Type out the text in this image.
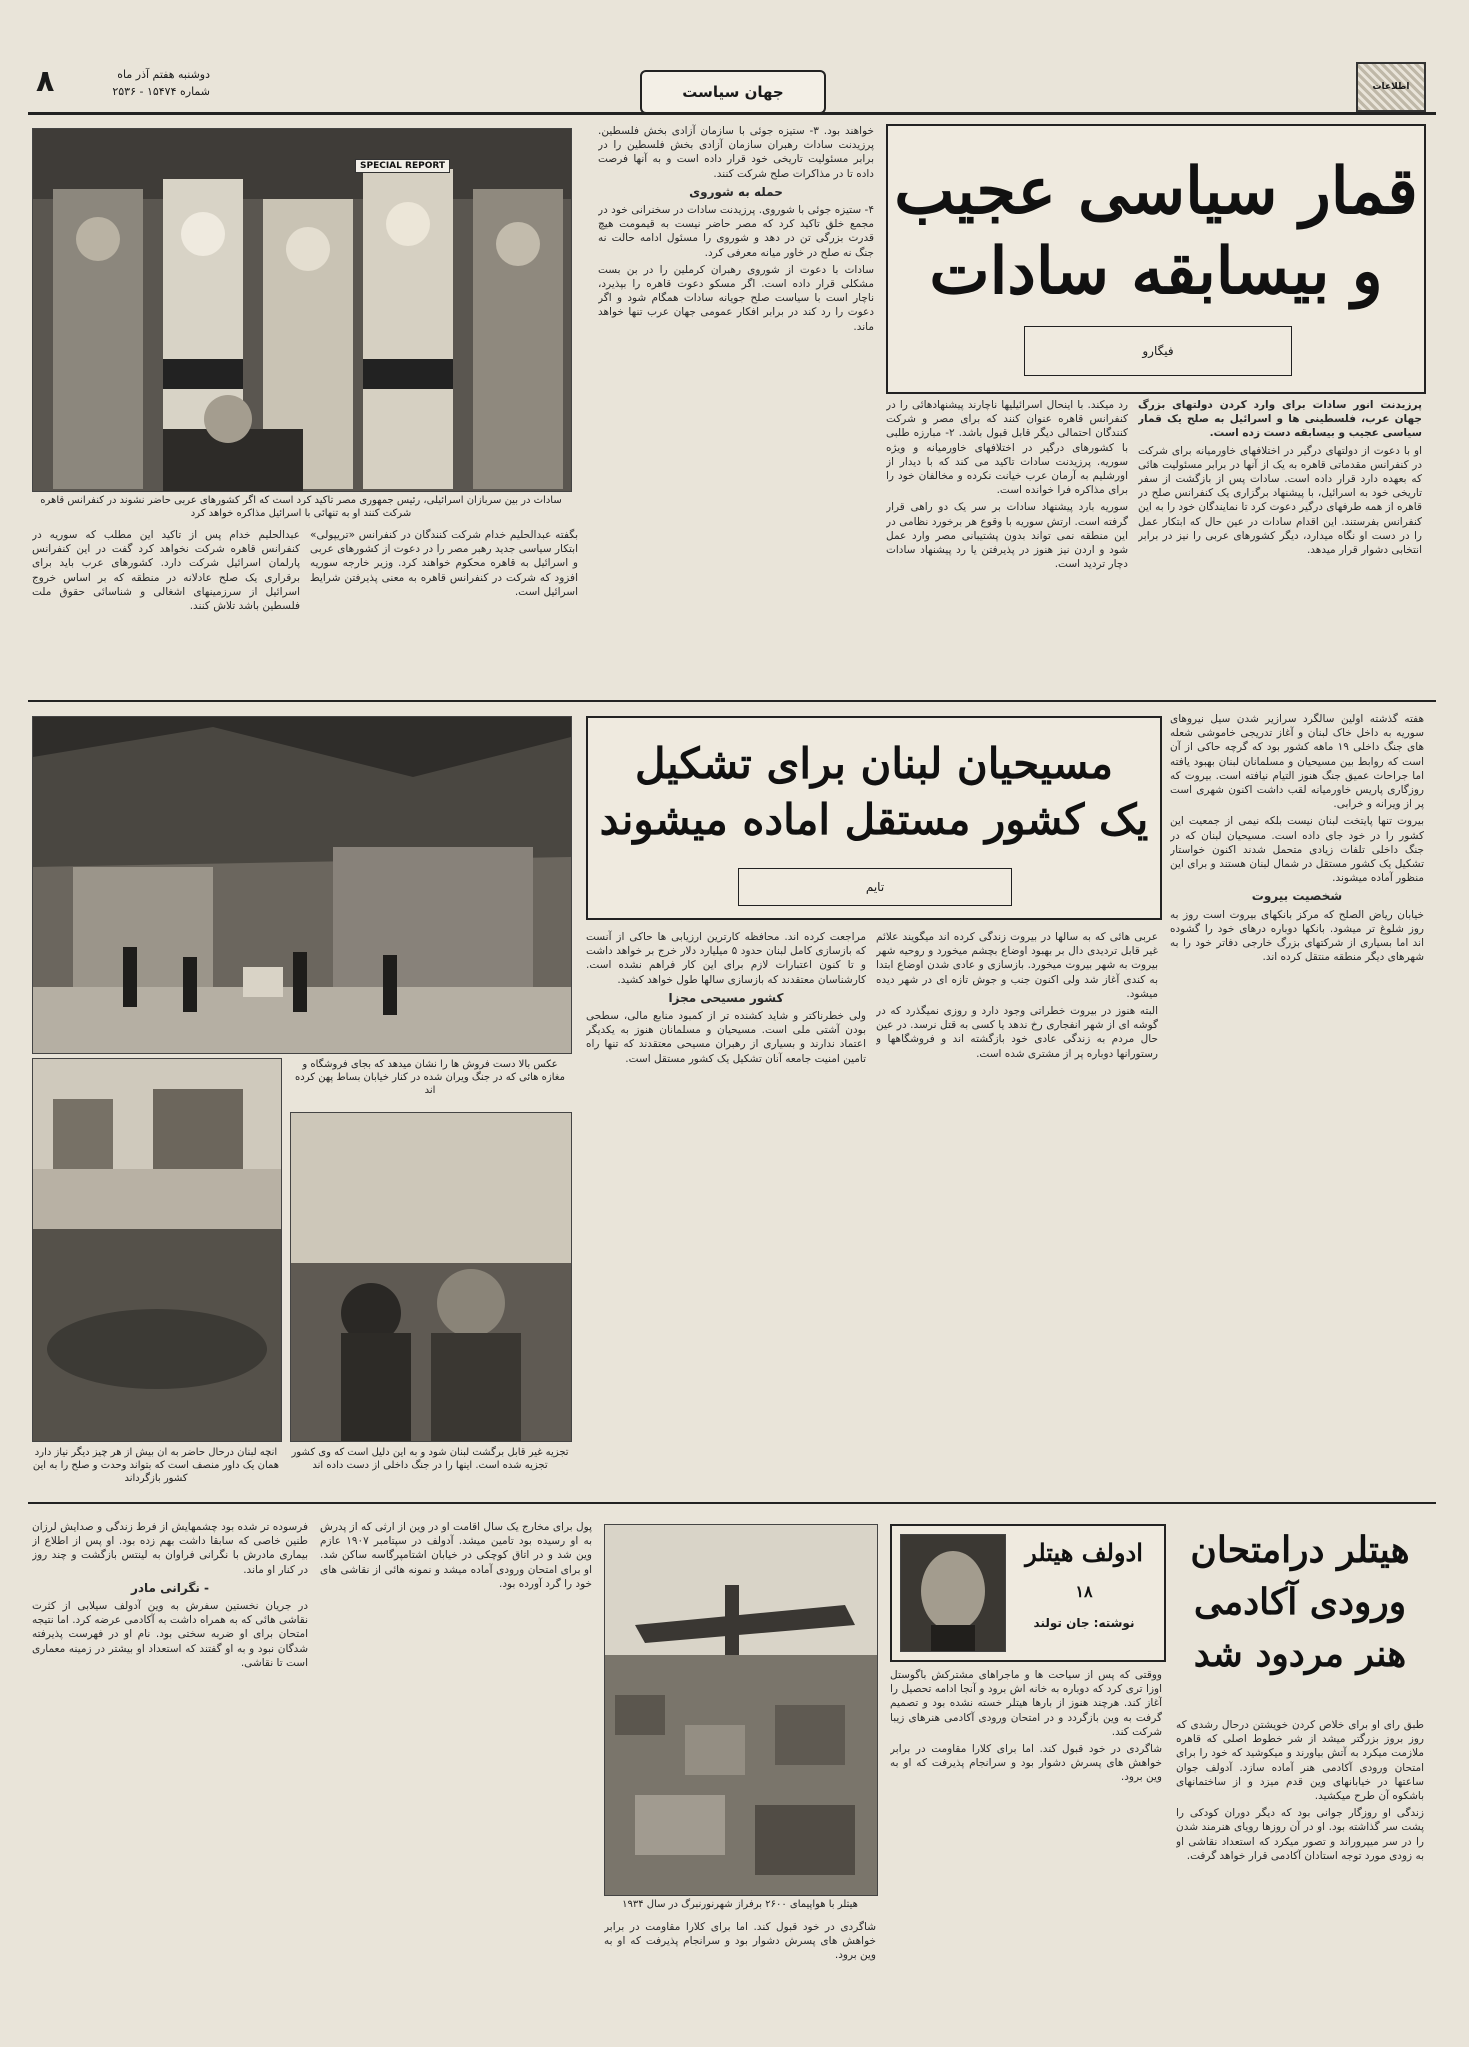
اطلاعات
جهان سیاست
دوشنبه هفتم آذر ماه
۲۵۳۶ - شماره ۱۵۴۷۴
۸
قمار سیاسی عجیب
و بیسابقه سادات
فیگارو

پرزیدنت انور سادات برای وارد کردن دولتهای بزرگ جهان عرب، فلسطینی ها و اسرائیل به صلح یک قمار سیاسی عجیب و بیسابقه دست زده است.

او با دعوت از دولتهای درگیر در اختلافهای خاورمیانه برای شرکت در کنفرانس مقدماتی قاهره به یک از آنها در برابر مسئولیت هائی که بعهده دارد قرار داده است. سادات پس از بازگشت از سفر تاریخی خود به اسرائیل، با پیشنهاد برگزاری یک کنفرانس صلح در قاهره از همه طرفهای درگیر دعوت کرد تا نمایندگان خود را به این کنفرانس بفرستند. این اقدام سادات در عین حال که ابتکار عمل را در دست او نگاه میدارد، دیگر کشورهای عربی را نیز در برابر انتخابی دشوار قرار میدهد.

رد میکند. با اینحال اسرائیلیها ناچارند پیشنهادهائی را در کنفرانس قاهره عنوان کنند که برای مصر و شرکت کنندگان احتمالی دیگر قابل قبول باشد. ۲- مبارزه طلبی با کشورهای درگیر در اختلافهای خاورمیانه و ویژه سوریه. پرزیدنت سادات تاکید می کند که با دیدار از اورشلیم به آرمان عرب خیانت نکرده و مخالفان خود را برای مذاکره فرا خوانده است.

سوریه بارد پیشنهاد سادات بر سر یک دو راهی قرار گرفته است. ارتش سوریه با وقوع هر برخورد نظامی در این منطقه نمی تواند بدون پشتیبانی مصر وارد عمل شود و اردن نیز هنوز در پذیرفتن یا رد پیشنهاد سادات دچار تردید است.

خواهند بود. ۳- ستیزه جوئی با سازمان آزادی بخش فلسطین. پرزیدنت سادات رهبران سازمان آزادی بخش فلسطین را در برابر مسئولیت تاریخی خود قرار داده است و به آنها فرصت داده تا در مذاکرات صلح شرکت کنند.

حمله به شوروی

۴- ستیزه جوئی با شوروی. پرزیدنت سادات در سخنرانی خود در مجمع خلق تاکید کرد که مصر حاضر نیست به قیمومت هیچ قدرت بزرگی تن در دهد و شوروی را مسئول ادامه حالت نه جنگ نه صلح در خاور میانه معرفی کرد.

سادات با دعوت از شوروی رهبران کرملین را در بن بست مشکلی قرار داده است. اگر مسکو دعوت قاهره را بپذیرد، ناچار است با سیاست صلح جویانه سادات همگام شود و اگر دعوت را رد کند در برابر افکار عمومی جهان عرب تنها خواهد ماند.

SPECIAL REPORT
سادات در بین سربازان اسرائیلی، رئیس جمهوری مصر تاکید کرد است که اگر کشورهای عربی حاضر نشوند در کنفرانس قاهره شرکت کنند او به تنهائی با اسرائیل مذاکره خواهد کرد

بگفته عبدالحلیم خدام شرکت کنندگان در کنفرانس «تریپولی» ابتکار سیاسی جدید رهبر مصر را در دعوت از کشورهای عربی و اسرائیل به قاهره محکوم خواهند کرد. وزیر خارجه سوریه افزود که شرکت در کنفرانس قاهره به معنی پذیرفتن شرایط اسرائیل است.

عبدالحلیم خدام پس از تاکید این مطلب که سوریه در کنفرانس قاهره شرکت نخواهد کرد گفت در این کنفرانس پارلمان اسرائیل شرکت دارد. کشورهای عرب باید برای برقراری یک صلح عادلانه در منطقه که بر اساس خروج اسرائیل از سرزمینهای اشغالی و شناسائی حقوق ملت فلسطین باشد تلاش کنند.

مسیحیان لبنان برای تشکیل
یک کشور مستقل اماده میشوند
تایم

هفته گذشته اولین سالگرد سرازیر شدن سیل نیروهای سوریه به داخل خاک لبنان و آغاز تدریجی خاموشی شعله های جنگ داخلی ۱۹ ماهه کشور بود که گرچه حاکی از آن است که روابط بین مسیحیان و مسلمانان لبنان بهبود یافته اما جراحات عمیق جنگ هنوز التیام نیافته است. بیروت که روزگاری پاریس خاورمیانه لقب داشت اکنون شهری است پر از ویرانه و خرابی.

بیروت تنها پایتخت لبنان نیست بلکه نیمی از جمعیت این کشور را در خود جای داده است. مسیحیان لبنان که در جنگ داخلی تلفات زیادی متحمل شدند اکنون خواستار تشکیل یک کشور مستقل در شمال لبنان هستند و برای این منظور آماده میشوند.

شخصیت بیروت

خیابان ریاض الصلح که مرکز بانکهای بیروت است روز به روز شلوغ تر میشود. بانکها دوباره درهای خود را گشوده اند اما بسیاری از شرکتهای بزرگ خارجی دفاتر خود را به شهرهای دیگر منطقه منتقل کرده اند.

عربی هائی که به سالها در بیروت زندگی کرده اند میگویند علائم غیر قابل تردیدی دال بر بهبود اوضاع بچشم میخورد و روحیه شهر بیروت به شهر بیروت میخورد. بازسازی و عادی شدن اوضاع ابتدا به کندی آغاز شد ولی اکنون جنب و جوش تازه ای در شهر دیده میشود.

البته هنوز در بیروت خطراتی وجود دارد و روزی نمیگذرد که در گوشه ای از شهر انفجاری رخ ندهد یا کسی به قتل نرسد. در عین حال مردم به زندگی عادی خود بازگشته اند و فروشگاهها و رستورانها دوباره پر از مشتری شده است.

مراجعت کرده اند. محافظه کارترین ارزیابی ها حاکی از آنست که بازسازی کامل لبنان حدود ۵ میلیارد دلار خرج بر خواهد داشت و تا کنون اعتبارات لازم برای این کار فراهم نشده است. کارشناسان معتقدند که بازسازی سالها طول خواهد کشید.

کشور مسیحی مجزا

ولی خطرناکتر و شاید کشنده تر از کمبود منابع مالی، سطحی بودن آشتی ملی است. مسیحیان و مسلمانان هنوز به یکدیگر اعتماد ندارند و بسیاری از رهبران مسیحی معتقدند که تنها راه تامین امنیت جامعه آنان تشکیل یک کشور مستقل است.

عکس بالا دست فروش ها را نشان میدهد که بجای فروشگاه و مغازه هائی که در جنگ ویران شده در کنار خیابان بساط پهن کرده اند
انچه لبنان درحال حاضر به ان بیش از هر چیز دیگر نیاز دارد همان یک داور منصف است که بتواند وحدت و صلح را به این کشور بازگرداند
تجزیه غیر قابل برگشت لبنان شود و به این دلیل است که وی کشور تجزیه شده است. اینها را در جنگ داخلی از دست داده اند
هیتلر درامتحان
ورودی آکادمی
هنر مردود شد
ادولف هیتلر
۱۸
نوشته: جان تولند

طبق رای او برای خلاص کردن خویشتن درحال رشدی که روز بروز بزرگتر میشد از شر خطوط اصلی که قاهره ملازمت میکرد به آتش بیاورند و میکوشید که خود را برای امتحان ورودی آکادمی هنر آماده سازد. آدولف جوان ساعتها در خیابانهای وین قدم میزد و از ساختمانهای باشکوه آن طرح میکشید.

زندگی او روزگار جوانی بود که دیگر دوران کودکی را پشت سر گذاشته بود. او در آن روزها رویای هنرمند شدن را در سر میپروراند و تصور میکرد که استعداد نقاشی او به زودی مورد توجه استادان آکادمی قرار خواهد گرفت.

ووقتی که پس از سیاحت ها و ماجراهای مشترکش باگوستل اوزا تری کرد که دوباره به خانه اش برود و آنجا ادامه تحصیل را آغاز کند. هرچند هنوز از بارها هیتلر خسته نشده بود و تصمیم گرفت به وین بازگردد و در امتحان ورودی آکادمی هنرهای زیبا شرکت کند.

شاگردی در خود قبول کند. اما برای کلارا مقاومت در برابر خواهش های پسرش دشوار بود و سرانجام پذیرفت که او به وین برود.

هیتلر با هواپیمای ۲۶۰۰ برفراز شهرنورنبرگ در سال ۱۹۳۴

شاگردی در خود قبول کند. اما برای کلارا مقاومت در برابر خواهش های پسرش دشوار بود و سرانجام پذیرفت که او به وین برود.

پول برای مخارج یک سال اقامت او در وین از ارثی که از پدرش به او رسیده بود تامین میشد. آدولف در سپتامبر ۱۹۰۷ عازم وین شد و در اتاق کوچکی در خیابان اشتامپرگاسه ساکن شد. او برای امتحان ورودی آماده میشد و نمونه هائی از نقاشی های خود را گرد آورده بود.

فرسوده تر شده بود چشمهایش از فرط زندگی و صدایش لرزان طنین خاصی که سابقا داشت بهم زده بود. او پس از اطلاع از بیماری مادرش با نگرانی فراوان به لینتس بازگشت و چند روز در کنار او ماند.

- نگرانی مادر

در جریان نخستین سفرش به وین آدولف سیلابی از کثرت نقاشی هائی که به همراه داشت به آکادمی عرضه کرد. اما نتیجه امتحان برای او ضربه سختی بود. نام او در فهرست پذیرفته شدگان نبود و به او گفتند که استعداد او بیشتر در زمینه معماری است تا نقاشی.
